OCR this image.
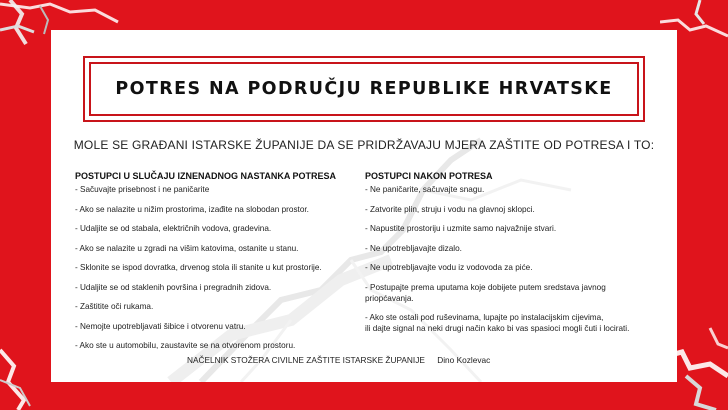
POTRES NA PODRUČJU REPUBLIKE HRVATSKE
MOLE SE GRAĐANI ISTARSKE ŽUPANIJE DA SE PRIDRŽAVAJU MJERA ZAŠTITE OD POTRESA I TO:
POSTUPCI U SLUČAJU IZNENADNOG NASTANKA POTRESA
- Sačuvajte prisebnost i ne paničarite
- Ako se nalazite u nižim prostorima, izađite na slobodan prostor.
- Udaljite se od stabala, električnih vodova, gradevina.
- Ako se nalazite u zgradi na višim katovima, ostanite u stanu.
- Sklonite se ispod dovratka, drvenog stola ili stanite u kut prostorije.
- Udaljite se od staklenih površina i pregradnih zidova.
- Zaštitite oči rukama.
- Nemojte upotrebljavati šibice i otvorenu vatru.
- Ako ste u automobilu, zaustavite se na otvorenom prostoru.
POSTUPCI NAKON POTRESA
- Ne paničarite, sačuvajte snagu.
- Zatvorite plin, struju i vodu na glavnoj sklopci.
- Napustite prostoriju i uzmite samo najvažnije stvari.
- Ne upotrebljavajte dizalo.
- Ne upotrebljavajte vodu iz vodovoda za piće.
- Postupajte prema uputama koje dobijete putem sredstava javnog
priopćavanja.
- Ako ste ostali pod ruševinama, lupajte po instalacijskim cijevima,
ili dajte signal na neki drugi način kako bi vas spasioci mogli čuti i locirati.
NAČELNIK STOŽERA CIVILNE ZAŠTITE ISTARSKE ŽUPANIJE Dino Kozlevac
